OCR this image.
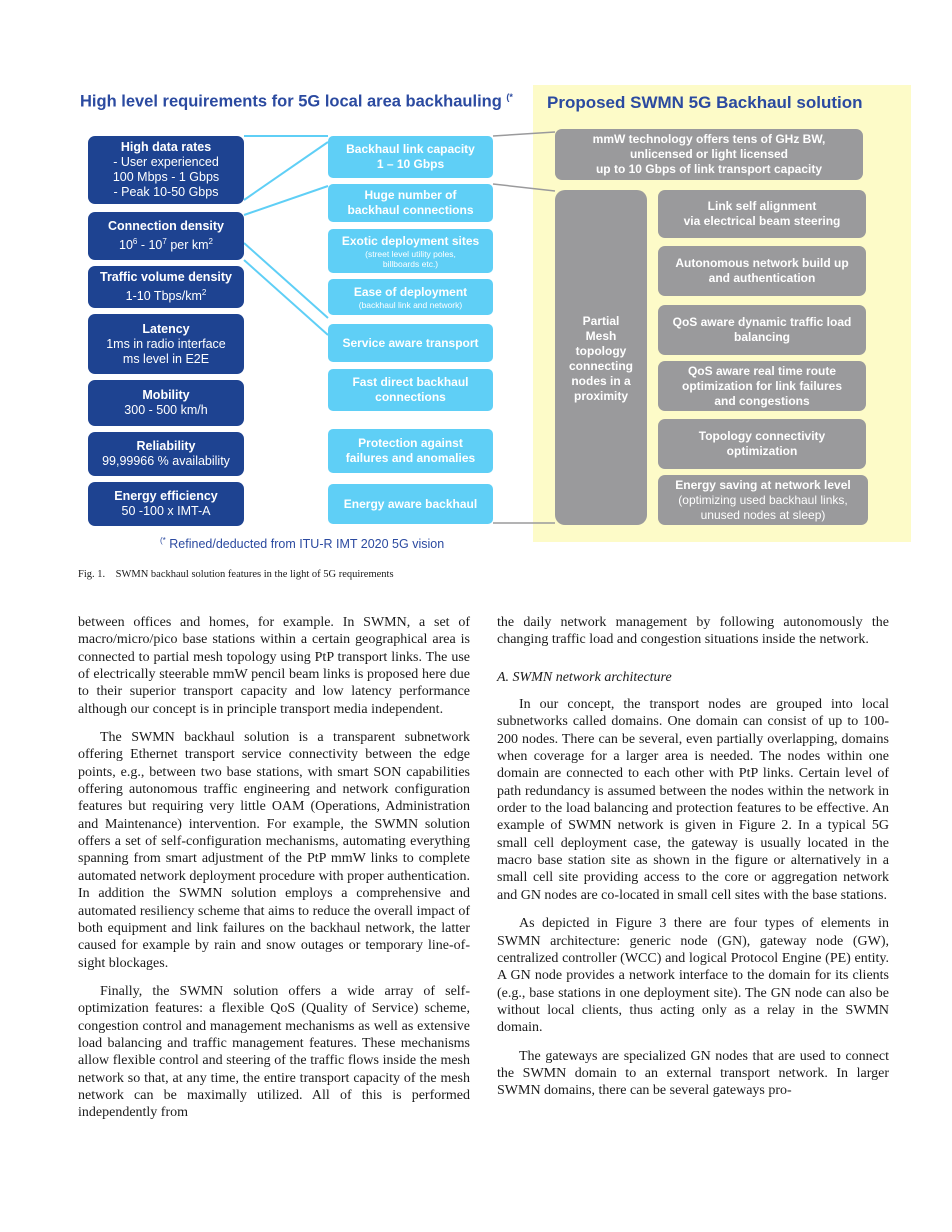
High level requirements for 5G local area backhauling (* Proposed SWMN 5G Backhaul solution
High data rates
- User experienced
100 Mbps - 1 Gbps
- Peak 10-50 Gbps
Connection density
$10^6 - 10^7$ per $km^2$
Traffic volume density
1-10 Tbps/$km^2$
Latency
1ms in radio interface
ms level in E2E
Mobility
300 - 500 km/h
Reliability
99,99966 % availability
Energy efficiency
50 -100 x IMT-A
Backhaul link capacity
1 – 10 Gbps
Huge number of
backhaul connections
Exotic deployment sites
(street level utility poles,
billboards etc.)
Ease of deployment
(backhaul link and network)
Service aware transport
Fast direct backhaul
connections
Protection against
failures and anomalies
Energy aware backhaul
mmW technology offers tens of GHz BW,
unlicensed or light licensed
up to 10 Gbps of link transport capacity
Partial
Mesh
topology
connecting
nodes in a
proximity
Link self alignment
via electrical beam steering
Autonomous network build up
and authentication
QoS aware dynamic traffic load
balancing
QoS aware real time route
optimization for link failures
and congestions
Topology connectivity
optimization
Energy saving at network level
(optimizing used backhaul links,
unused nodes at sleep)
(* Refined/deducted from ITU-R IMT 2020 5G vision
Fig. 1. SWMN backhaul solution features in the light of 5G requirements

between offices and homes, for example. In SWMN, a set of macro/micro/pico base stations within a certain geographical area is connected to partial mesh topology using PtP transport links. The use of electrically steerable mmW pencil beam links is proposed here due to their superior transport capacity and low latency performance although our concept is in principle transport media independent.

The SWMN backhaul solution is a transparent subnetwork offering Ethernet transport service connectivity between the edge points, e.g., between two base stations, with smart SON capabilities offering autonomous traffic engineering and network configuration features but requiring very little OAM (Operations, Administration and Maintenance) intervention. For example, the SWMN solution offers a set of self-configuration mechanisms, automating everything spanning from smart adjustment of the PtP mmW links to complete automated network deployment procedure with proper authentication. In addition the SWMN solution employs a comprehensive and automated resiliency scheme that aims to reduce the overall impact of both equipment and link failures on the backhaul network, the latter caused for example by rain and snow outages or temporary line-of-sight blockages.

Finally, the SWMN solution offers a wide array of self-optimization features: a flexible QoS (Quality of Service) scheme, congestion control and management mechanisms as well as extensive load balancing and traffic management features. These mechanisms allow flexible control and steering of the traffic flows inside the mesh network so that, at any time, the entire transport capacity of the mesh network can be maximally utilized. All of this is performed independently from

the daily network management by following autonomously the changing traffic load and congestion situations inside the network.

A. SWMN network architecture

In our concept, the transport nodes are grouped into local subnetworks called domains. One domain can consist of up to 100-200 nodes. There can be several, even partially overlapping, domains when coverage for a larger area is needed. The nodes within one domain are connected to each other with PtP links. Certain level of path redundancy is assumed between the nodes within the network in order to the load balancing and protection features to be effective. An example of SWMN network is given in Figure 2. In a typical 5G small cell deployment case, the gateway is usually located in the macro base station site as shown in the figure or alternatively in a small cell site providing access to the core or aggregation network and GN nodes are co-located in small cell sites with the base stations.

As depicted in Figure 3 there are four types of elements in SWMN architecture: generic node (GN), gateway node (GW), centralized controller (WCC) and logical Protocol Engine (PE) entity. A GN node provides a network interface to the domain for its clients (e.g., base stations in one deployment site). The GN node can also be without local clients, thus acting only as a relay in the SWMN domain.

The gateways are specialized GN nodes that are used to connect the SWMN domain to an external transport network. In larger SWMN domains, there can be several gateways pro-
